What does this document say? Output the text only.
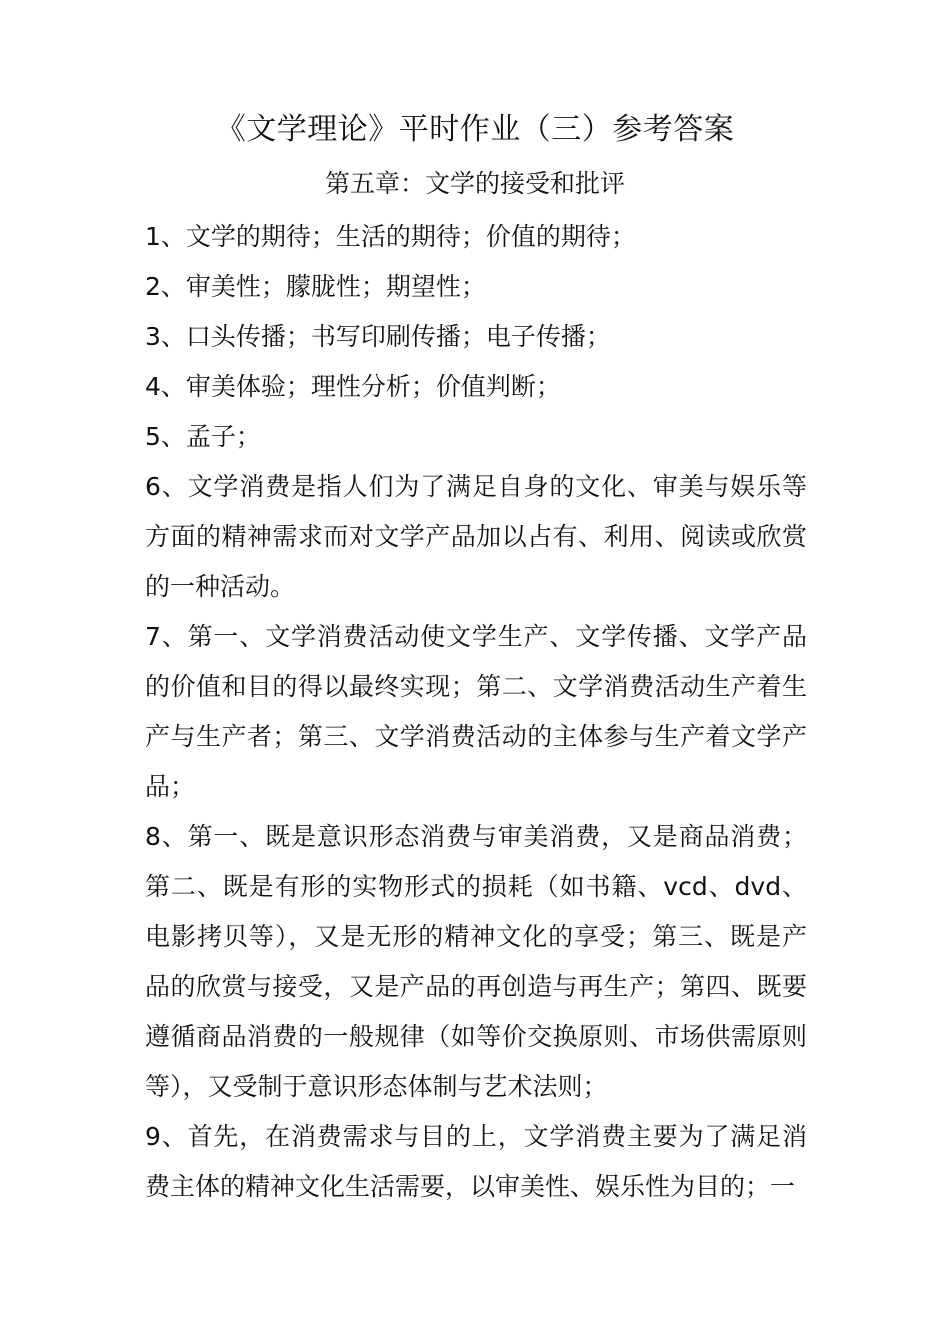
《文学理论》平时作业（三）参考答案
第五章：文学的接受和批评

1、文学的期待；生活的期待；价值的期待；

2、审美性；朦胧性；期望性；

3、口头传播；书写印刷传播；电子传播；

4、审美体验；理性分析；价值判断；

5、孟子；

6、文学消费是指人们为了满足自身的文化、审美与娱乐等方面的精神需求而对文学产品加以占有、利用、阅读或欣赏的一种活动。

7、第一、文学消费活动使文学生产、文学传播、文学产品的价值和目的得以最终实现；第二、文学消费活动生产着生产与生产者；第三、文学消费活动的主体参与生产着文学产品；

8、第一、既是意识形态消费与审美消费，又是商品消费；第二、既是有形的实物形式的损耗（如书籍、vcd、dvd、电影拷贝等），又是无形的精神文化的享受；第三、既是产品的欣赏与接受，又是产品的再创造与再生产；第四、既要遵循商品消费的一般规律（如等价交换原则、市场供需原则等），又受制于意识形态体制与艺术法则；

9、首先，在消费需求与目的上，文学消费主要为了满足消费主体的精神文化生活需要，以审美性、娱乐性为目的；一
